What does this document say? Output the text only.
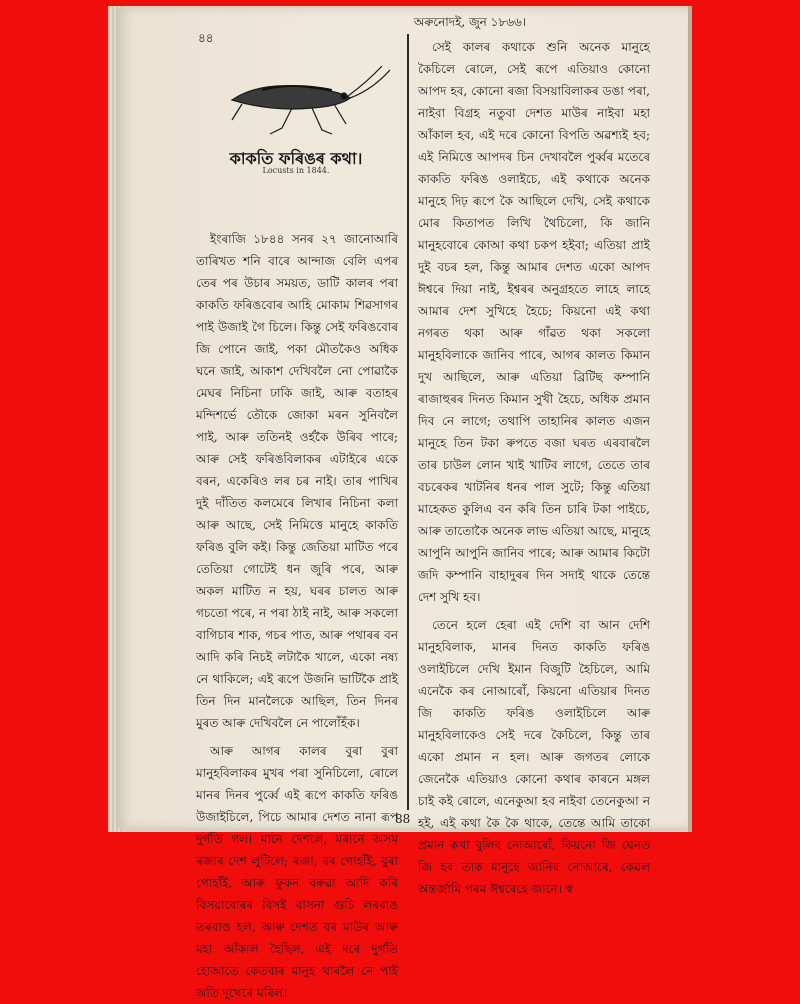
অৰুনোদই, জুন ১৮৬৬।
৪৪
কাকতি ফৰিঙৰ কথা।
Locusts in 1844.

ইংৰাজি ১৮৪৪ সনৰ ২৭ জানোআৰি তাৰিখত শনি বাৰে আন্দাজ বেলি এপৰ তেৰ পৰ উচাৰ সময়ত, ডাটি কালৰ পৰা কাকতি ফৰিঙবোৰ আহি মোকাম শিৱসাগৰ পাই উজাই গৈ চিলে। কিন্তু সেই ফৰিঙবোৰ জি পোনে জাই, পকা মৌতকৈও অধিক ঘনে জাই, আকাশ দেখিবলৈ নো পোৱাকৈ মেঘৰ নিচিনা ঢাকি জাই, আৰু বতাহৰ মন্দিশৰ্ভে তৌকে জোকা মৰন সুনিবলৈ পাই, আৰু ততিনই ওৰ্হকৈ উৰিব পাৰে; আৰু সেই ফৰিঙবিলাকৰ এটাইৰে একে বৰন, একেৰিও লৰ চৰ নাই। তাৰ পাখিৰ দুই দাঁতিত কলমেৰে লিখাৰ নিচিনা কলা আৰু আছে, সেই নিমিত্তে মানুহে কাকতি ফৰিঙ বুলি কই। কিন্তু জেতিয়া মাটিত পৰে তেতিয়া গোটেই ধন জুৰি পৰে, আৰু অকল মাটিত ন হয়, ঘৰৰ চালত আৰু গচতো পৰে, ন পৰা ঠাই নাই, আৰু সকলো বাগিচাৰ শাক, গচৰ পাত, আৰু পথাৰৰ বন আদি কৰি নিচই লটাকৈ খালে, একো নষ্য নে থাকিলে; এই ৰূপে উজনি ভাটিকৈ প্ৰাই তিন দিন মানলৈকে আছিল, তিন দিনৰ মুৰত আৰু দেখিবলৈ নে পালোঁহঁক।

আৰু আগৰ কালৰ বুৰা বুৰা মানুহবিলাকৰ মুখৰ পৰা সুনিচিলো, ৰোলে মানৰ দিনৰ পুৰ্ব্বে এই ৰূপে কাকতি ফৰিঙ উজাইচিলে, পিচে আমাৰ দেশত নানা ৰূপ দুৰ্গতি গল। মানে দেশলে, মৰানে অসম ৰজাৰ দেশ লুটিলে; ৰজা, বৰ গোহাঁই, বুৰা গোহাঁই, আৰু ফুকন বৰুৱা আদি কৰি বিসয়াবোৰৰ বিসই বাসনা গুচি লৰবাঙ তৰবাঙ হল, আৰু দেশত বৰ মাউৰ আৰু মহা আঁকাল হৈছিল, এই দৰে দুৰ্গতি হোআতে কেতবাৰ মানুহ থাৰলৈ নে পাই অতি দুখেৰে মৰিল।

সেই কালৰ কথাকে শুনি অনেক মানুহে কৈচিলে ৰোলে, সেই ৰূপে এতিয়াও কোনো আপদ হব, কোনো ৰজা বিসয়াবিলাকৰ ডঙা পৰা, নাইবা বিগ্ৰহ নতুবা দেশত মাউৰ নাইবা মহা আঁকাল হব, এই দৰে কোনো বিপতি অৱশ্যই হব; এই নিমিত্তে আপদৰ চিন দেখাবলৈ পুৰ্ব্বৰ মতেৰে কাকতি ফৰিঙ ওলাইচে, এই কথাকে অনেক মানুহে দিঢ় ৰূপে কৈ আছিলে দেখি, সেই কথাকে মোৰ কিতাপত লিখি থৈচিলো, কি জানি মানুহবোৰে কোআ কথা চকপ হইবা; এতিয়া প্ৰাই দুই বচৰ হল, কিন্তু আমাৰ দেশত একো আপদ ঈশ্বৰে দিয়া নাই, ইশ্বৰৰ অনুগ্ৰহতে লাহে লাহে আমাৰ দেশ সুখিহে হৈচে; কিয়নো এই কথা নগৰত থকা আৰু গাঁৱত থকা সকলো মানুহবিলাকে জানিব পাৰে, আগৰ কালত কিমান দুখ আছিলে, আৰু এতিয়া ব্ৰিটিছ কম্পানি ৰাজাহুৰৰ দিনত কিমান সুখী হৈচে, অধিক প্ৰমান দিব নে লাগে; তথাপি তাহানিৰ কালত এজন মানুহে তিন টকা ৰুপতে বজা ঘৰত এৰবাৰলৈ তাৰ চাউল লোন খাই খাটিব লাগে, তেতে তাৰ বচৰেকৰ খাটনিৰ ধনৰ পাল সুটে; কিন্তু এতিয়া মাহেকত কুলিএ বন কৰি তিন চাৰি টকা পাইচে, আৰু তাতোকৈ অনেক লাভ এতিয়া আছে, মানুহে আপুনি আপুনি জানিব পাৰে; আৰু আমাৰ কিটো জদি কম্পানি বাহাদুৰৰ দিন সদাই থাকে তেন্তে দেশ সুখি হব।

তেনে হলে হেৰা এই দেশি বা আন দেশি মানুহবিলাক, মানৰ দিনত কাকতি ফৰিঙ ওলাইচিলে দেখি ইমান বিজুটি হৈচিলে, আমি এনেকৈ কৰ নোআৰোঁ, কিয়নো এতিয়াৰ দিনত জি কাকতি ফৰিঙ ওলাইচিলে আৰু মানুহবিলাকেও সেই দৰে কৈচিলে, কিন্তু তাৰ একো প্ৰমান ন হল। আৰু জগতৰ লোকে জেনেকৈ এতিয়াও কোনো কথাৰ কাৰনে মঙ্গল চাই কই ৰোলে, এনেকুআ হব নাইবা তেনেকুআ ন হই, এই কথা কৈ কৈ থাকে, তেন্তে আমি তাকো প্ৰমান কথা বুলিব নোআৰোঁ, কিয়নো জি ঘেনত জি হব তাক মানুহে জানিব নোআৰে, কেৱল অন্তৰ্জামি পৰম ঈশ্বৰেহে জানে। স্ব

88
